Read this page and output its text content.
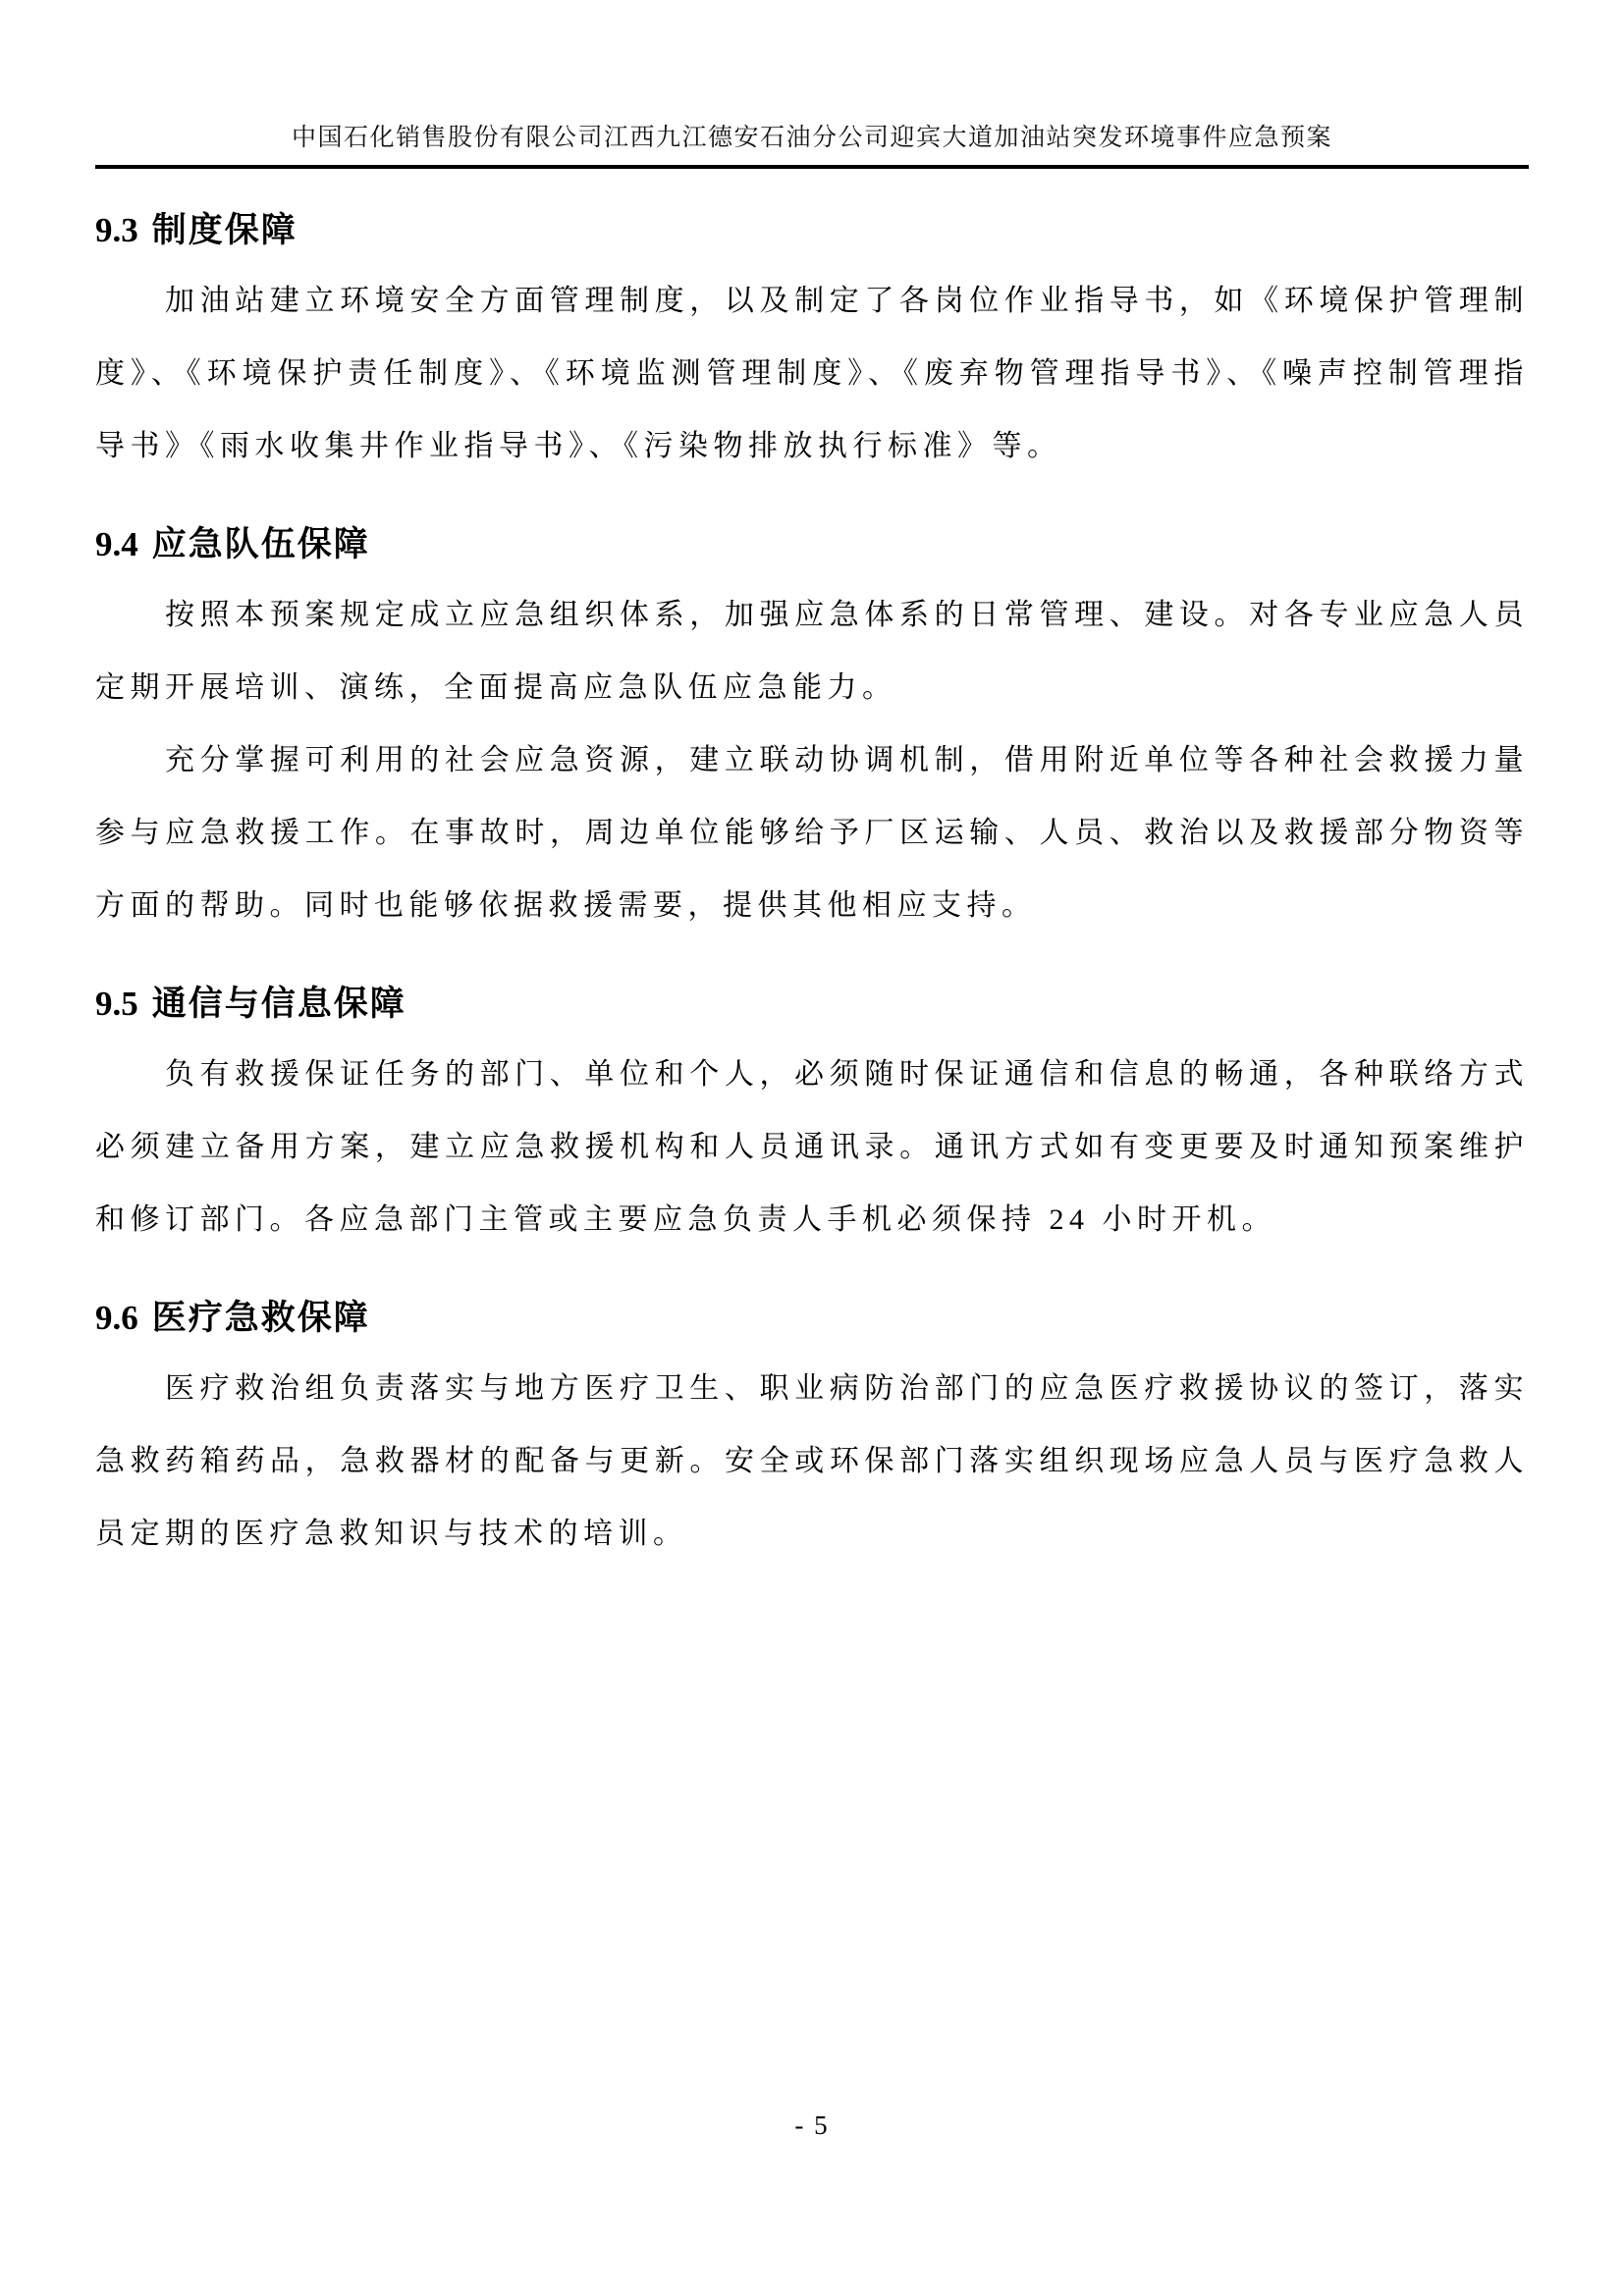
中国石化销售股份有限公司江西九江德安石油分公司迎宾大道加油站突发环境事件应急预案
9.3 制度保障

加油站建立环境安全方面管理制度，以及制定了各岗位作业指导书，如《环境保护管理制度》、《环境保护责任制度》、《环境监测管理制度》、《废弃物管理指导书》、《噪声控制管理指导书》《雨水收集井作业指导书》、《污染物排放执行标准》等。

9.4 应急队伍保障

按照本预案规定成立应急组织体系，加强应急体系的日常管理、建设。对各专业应急人员定期开展培训、演练，全面提高应急队伍应急能力。

充分掌握可利用的社会应急资源，建立联动协调机制，借用附近单位等各种社会救援力量参与应急救援工作。在事故时，周边单位能够给予厂区运输、人员、救治以及救援部分物资等方面的帮助。同时也能够依据救援需要，提供其他相应支持。

9.5 通信与信息保障

负有救援保证任务的部门、单位和个人，必须随时保证通信和信息的畅通，各种联络方式必须建立备用方案，建立应急救援机构和人员通讯录。通讯方式如有变更要及时通知预案维护和修订部门。各应急部门主管或主要应急负责人手机必须保持 24 小时开机。

9.6 医疗急救保障

医疗救治组负责落实与地方医疗卫生、职业病防治部门的应急医疗救援协议的签订，落实急救药箱药品，急救器材的配备与更新。安全或环保部门落实组织现场应急人员与医疗急救人员定期的医疗急救知识与技术的培训。

- 5
